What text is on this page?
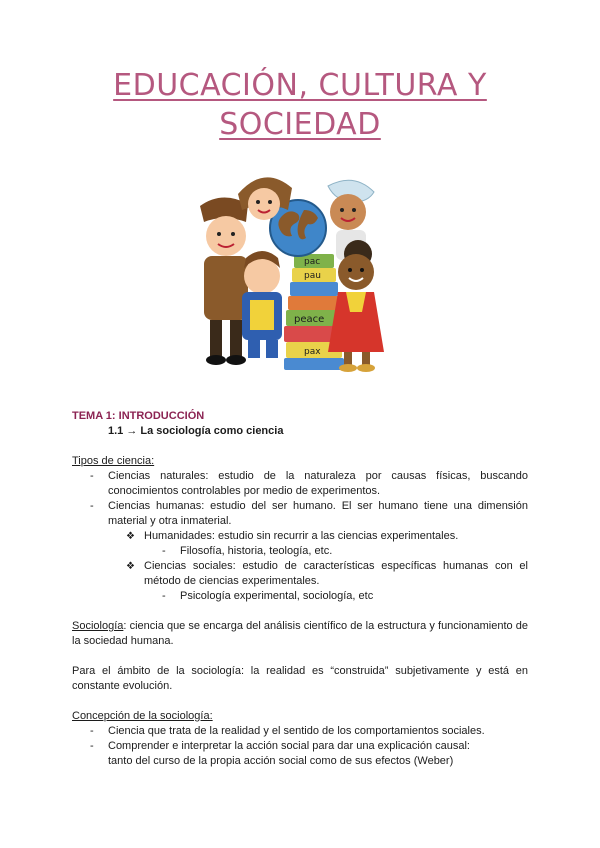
EDUCACIÓN, CULTURA Y SOCIEDAD
pac
pau
peace
pax

TEMA 1: INTRODUCCIÓN

1.1 → La sociología como ciencia

Tipos de ciencia:

- Ciencias naturales: estudio de la naturaleza por causas físicas, buscando conocimientos controlables por medio de experimentos.
- Ciencias humanas: estudio del ser humano. El ser humano tiene una dimensión material y otra inmaterial.
❖ Humanidades: estudio sin recurrir a las ciencias experimentales.
- Filosofía, historia, teología, etc.
❖ Ciencias sociales: estudio de características específicas humanas con el método de ciencias experimentales.
- Psicología experimental, sociología, etc

Sociología: ciencia que se encarga del análisis científico de la estructura y funcionamiento de la sociedad humana.

Para el ámbito de la sociología: la realidad es “construida” subjetivamente y está en constante evolución.

Concepción de la sociología:

- Ciencia que trata de la realidad y el sentido de los comportamientos sociales.
- Comprender e interpretar la acción social para dar una explicación causal:
tanto del curso de la propia acción social como de sus efectos (Weber)
